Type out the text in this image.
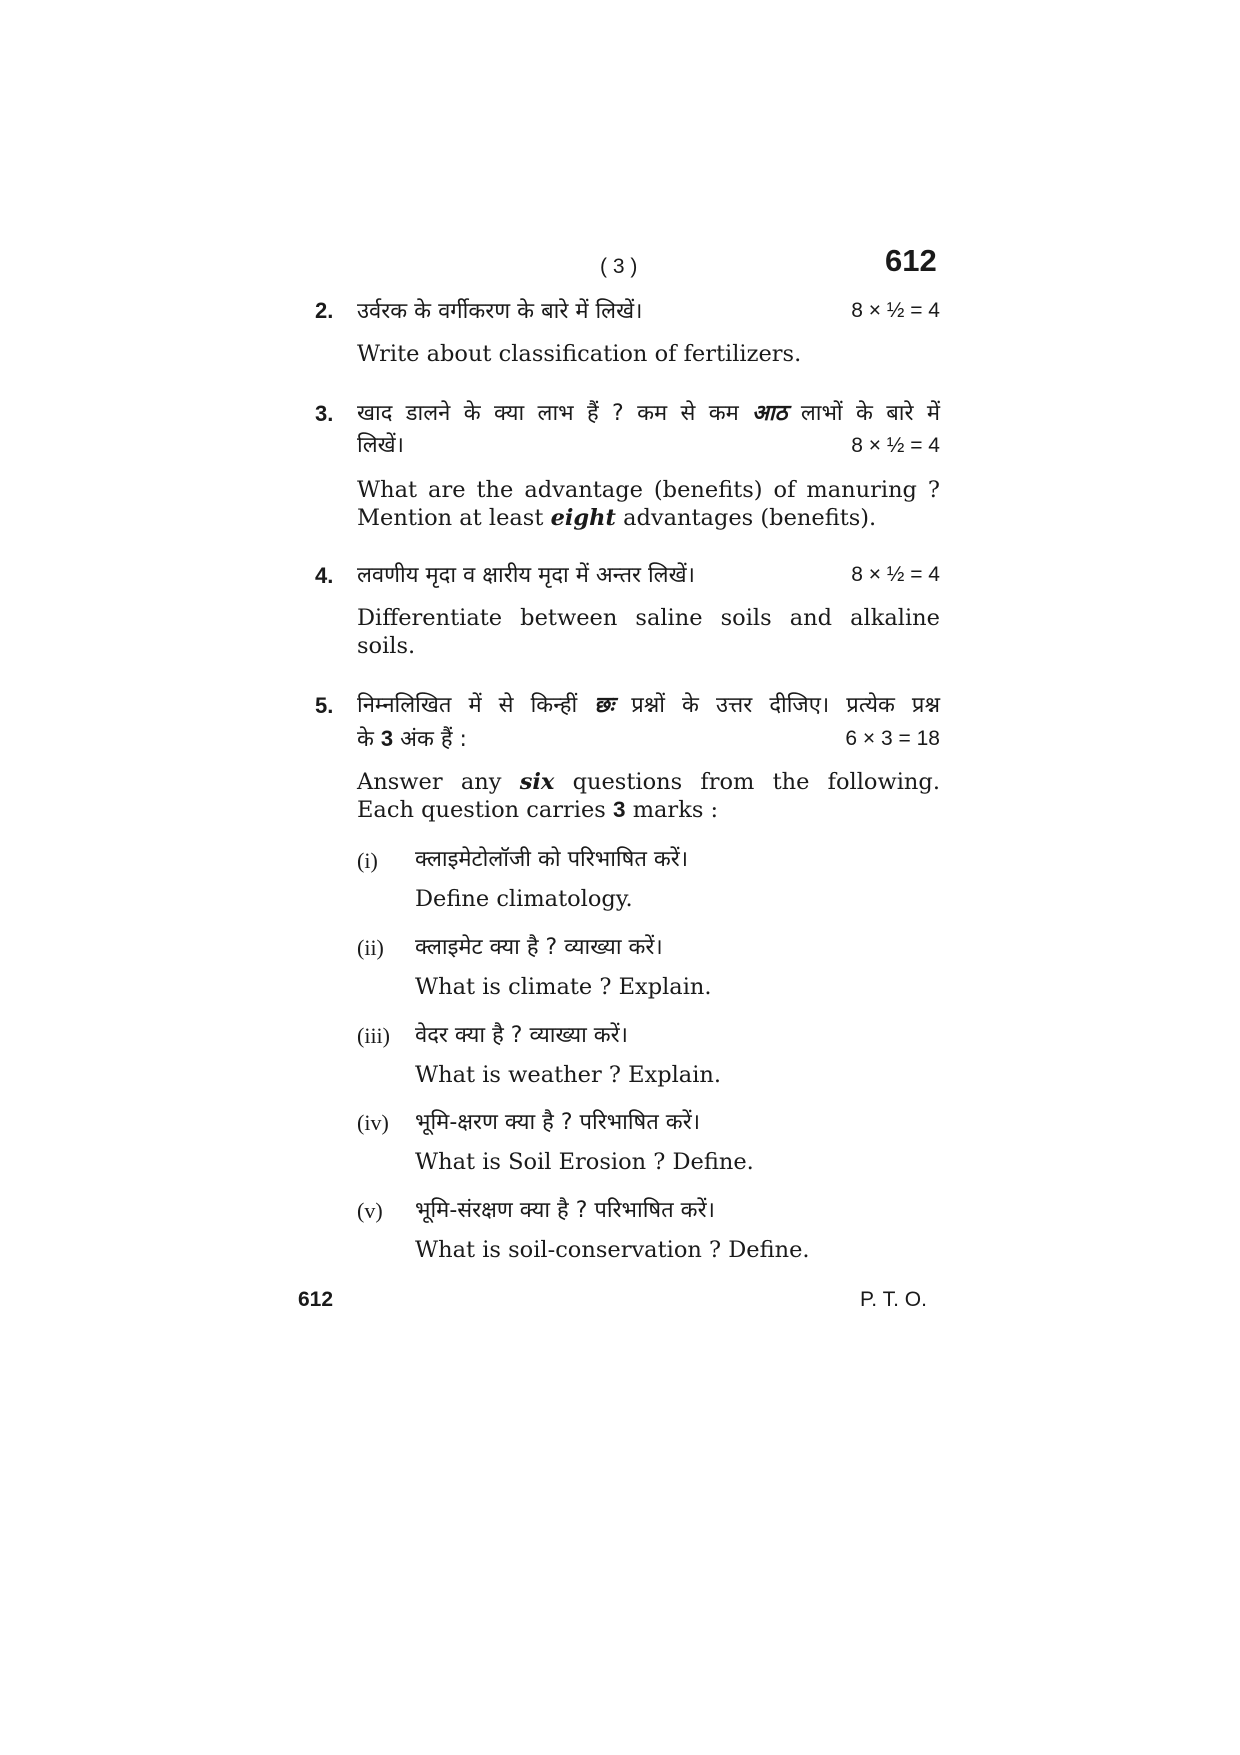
( 3 )	612
2. उर्वरक के वर्गीकरण के बारे में लिखें।	8 × ½ = 4
Write about classification of fertilizers.
3. खाद डालने के क्या लाभ हैं ? कम से कम आठ लाभों के बारे में
लिखें।	8 × ½ = 4
What are the advantage (benefits) of manuring ?
Mention at least eight advantages (benefits).
4. लवणीय मृदा व क्षारीय मृदा में अन्तर लिखें।	8 × ½ = 4
Differentiate between saline soils and alkaline
soils.
5. निम्नलिखित में से किन्हीं छः प्रश्नों के उत्तर दीजिए। प्रत्येक प्रश्न
के 3 अंक हैं :	6 × 3 = 18
Answer any six questions from the following.
Each question carries 3 marks :
(i) क्लाइमेटोलॉजी को परिभाषित करें।
Define climatology.
(ii) क्लाइमेट क्या है ? व्याख्या करें।
What is climate ? Explain.
(iii) वेदर क्या है ? व्याख्या करें।
What is weather ? Explain.
(iv) भूमि-क्षरण क्या है ? परिभाषित करें।
What is Soil Erosion ? Define.
(v) भूमि-संरक्षण क्या है ? परिभाषित करें।
What is soil-conservation ? Define.
612	P. T. O.
